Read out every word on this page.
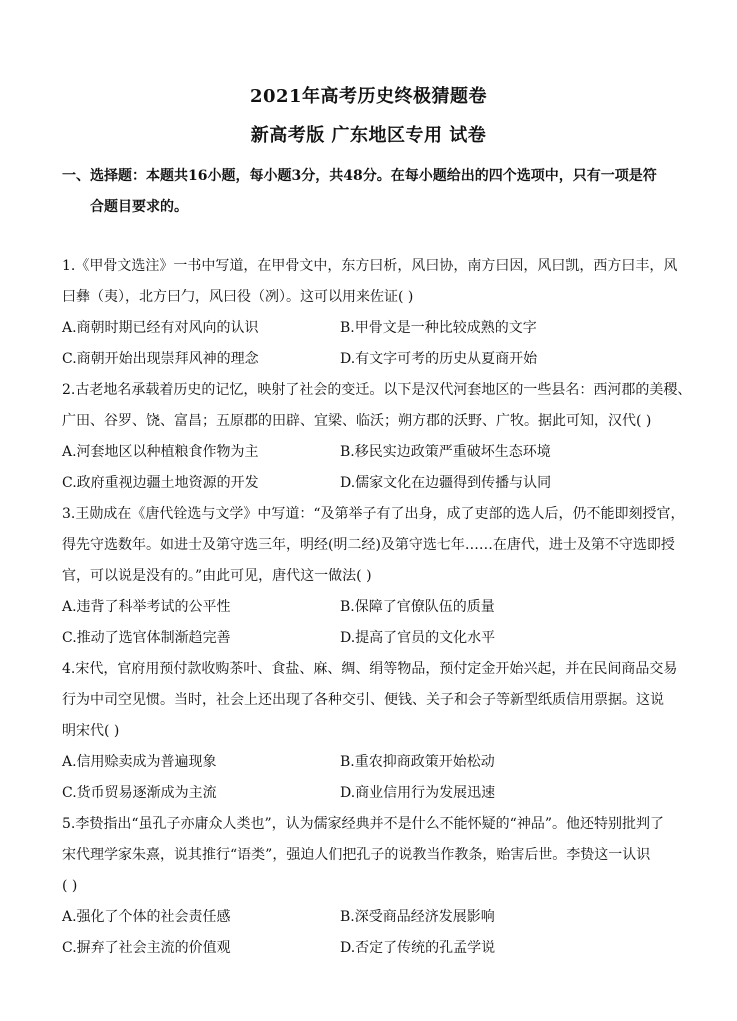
2021年高考历史终极猜题卷
新高考版 广东地区专用 试卷
一、选择题：本题共16小题，每小题3分，共48分。在每小题给出的四个选项中，只有一项是符
合题目要求的。
1.《甲骨文选注》一书中写道，在甲骨文中，东方曰析，风曰协，南方曰因，风曰凯，西方曰丰，风
曰彝（夷），北方曰勹，风曰役（冽）。这可以用来佐证( )
A.商朝时期已经有对风向的认识	B.甲骨文是一种比较成熟的文字
C.商朝开始出现崇拜风神的理念	D.有文字可考的历史从夏商开始
2.古老地名承载着历史的记忆，映射了社会的变迁。以下是汉代河套地区的一些县名：西河郡的美稷、
广田、谷罗、饶、富昌；五原郡的田辟、宜梁、临沃；朔方郡的沃野、广牧。据此可知，汉代( )
A.河套地区以种植粮食作物为主	B.移民实边政策严重破坏生态环境
C.政府重视边疆土地资源的开发	D.儒家文化在边疆得到传播与认同
3.王勋成在《唐代铨选与文学》中写道：“及第举子有了出身，成了吏部的选人后，仍不能即刻授官，
得先守选数年。如进士及第守选三年，明经(明二经)及第守选七年……在唐代，进士及第不守选即授
官，可以说是没有的。”由此可见，唐代这一做法( )
A.违背了科举考试的公平性	B.保障了官僚队伍的质量
C.推动了选官体制渐趋完善	D.提高了官员的文化水平
4.宋代，官府用预付款收购茶叶、食盐、麻、绸、绢等物品，预付定金开始兴起，并在民间商品交易
行为中司空见惯。当时，社会上还出现了各种交引、便钱、关子和会子等新型纸质信用票据。这说
明宋代( )
A.信用赊卖成为普遍现象	B.重农抑商政策开始松动
C.货币贸易逐渐成为主流	D.商业信用行为发展迅速
5.李贽指出“虽孔子亦庸众人类也”，认为儒家经典并不是什么不能怀疑的“神品”。他还特别批判了
宋代理学家朱熹，说其推行“语类”，强迫人们把孔子的说教当作教条，贻害后世。李贽这一认识
( )
A.强化了个体的社会责任感	B.深受商品经济发展影响
C.摒弃了社会主流的价值观	D.否定了传统的孔孟学说
